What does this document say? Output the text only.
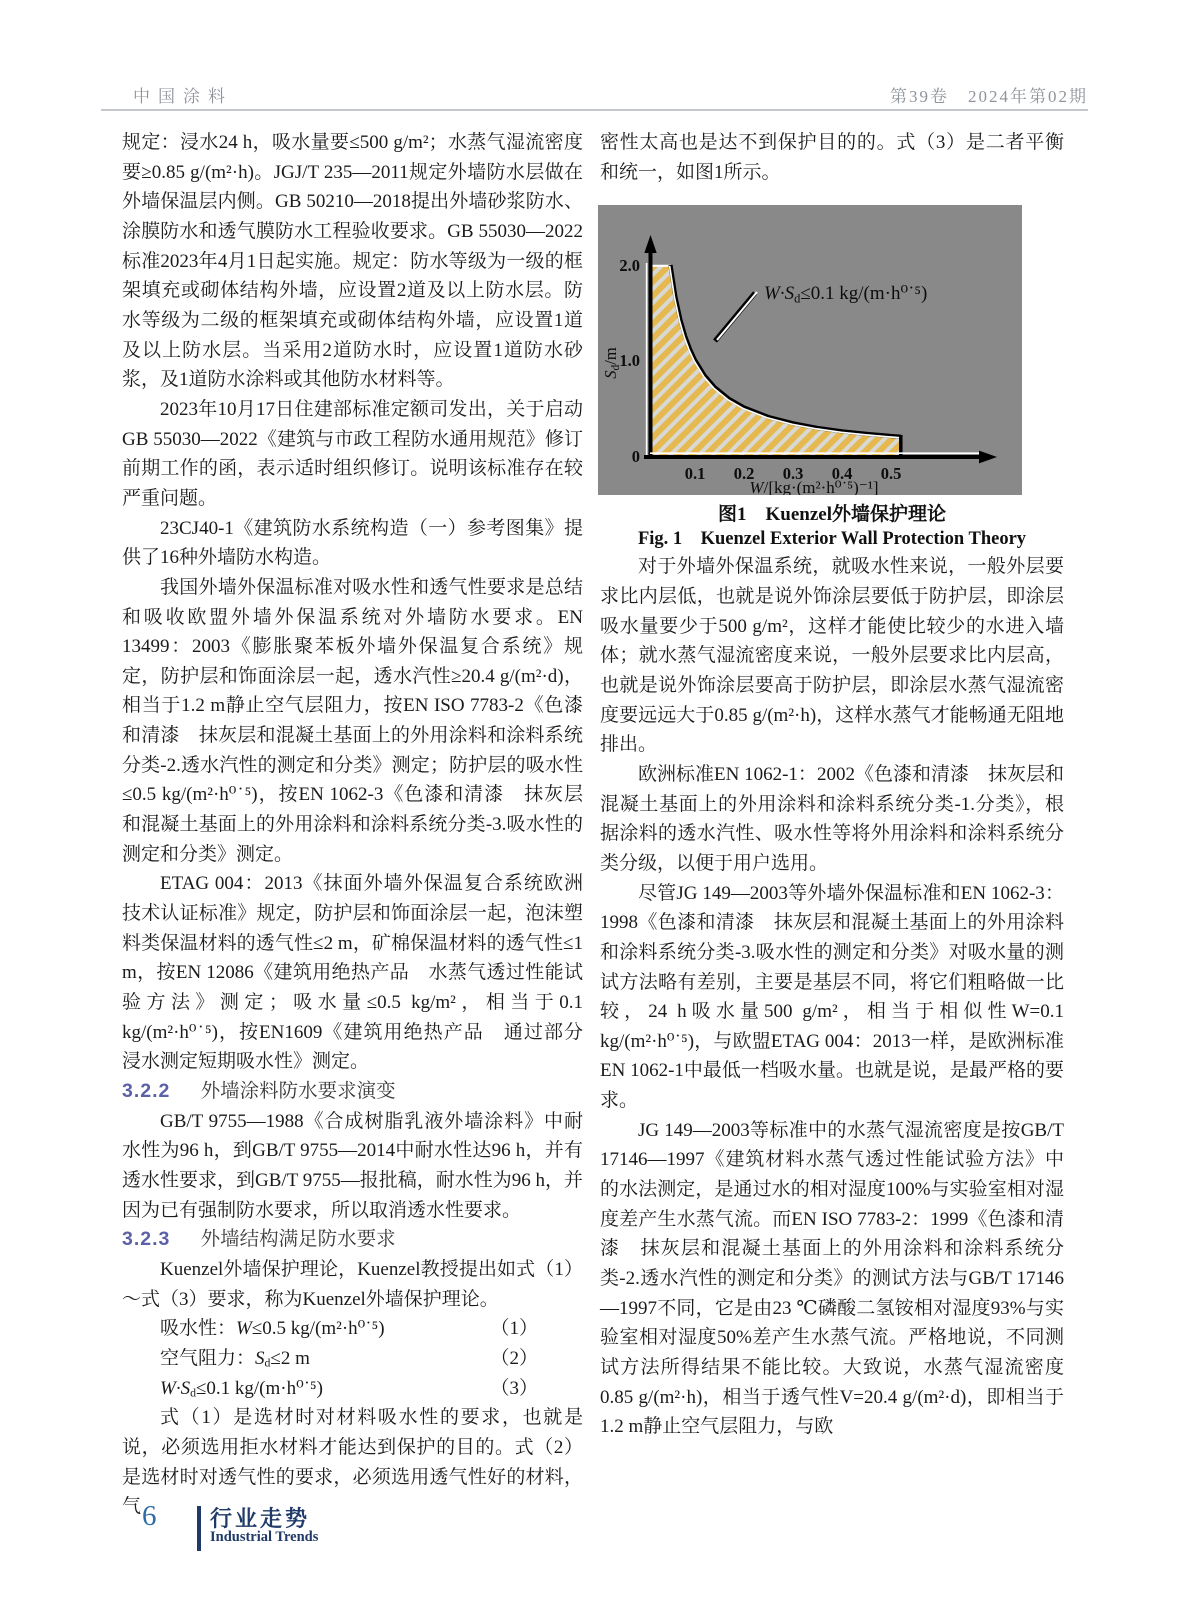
中国涂料	第39卷　2024年第02期

规定：浸水24 h，吸水量要≤500 g/m²；水蒸气湿流密度要≥0.85 g/(m²·h)。JGJ/T 235—2011规定外墙防水层做在外墙保温层内侧。GB 50210—2018提出外墙砂浆防水、涂膜防水和透气膜防水工程验收要求。GB 55030—2022标准2023年4月1日起实施。规定：防水等级为一级的框架填充或砌体结构外墙，应设置2道及以上防水层。防水等级为二级的框架填充或砌体结构外墙，应设置1道及以上防水层。当采用2道防水时，应设置1道防水砂浆，及1道防水涂料或其他防水材料等。

2023年10月17日住建部标准定额司发出，关于启动GB 55030—2022《建筑与市政工程防水通用规范》修订前期工作的函，表示适时组织修订。说明该标准存在较严重问题。

23CJ40-1《建筑防水系统构造（一）参考图集》提供了16种外墙防水构造。

我国外墙外保温标准对吸水性和透气性要求是总结和吸收欧盟外墙外保温系统对外墙防水要求。EN 13499：2003《膨胀聚苯板外墙外保温复合系统》规定，防护层和饰面涂层一起，透水汽性≥20.4 g/(m²·d)，相当于1.2 m静止空气层阻力，按EN ISO 7783-2《色漆和清漆　抹灰层和混凝土基面上的外用涂料和涂料系统分类-2.透水汽性的测定和分类》测定；防护层的吸水性≤0.5 kg/(m²·h⁰˙⁵)，按EN 1062-3《色漆和清漆　抹灰层和混凝土基面上的外用涂料和涂料系统分类-3.吸水性的测定和分类》测定。

ETAG 004：2013《抹面外墙外保温复合系统欧洲技术认证标准》规定，防护层和饰面涂层一起，泡沫塑料类保温材料的透气性≤2 m，矿棉保温材料的透气性≤1 m，按EN 12086《建筑用绝热产品　水蒸气透过性能试验方法》测定；吸水量≤0.5 kg/m²，相当于0.1 kg/(m²·h⁰˙⁵)，按EN1609《建筑用绝热产品　通过部分浸水测定短期吸水性》测定。

3.2.2 外墙涂料防水要求演变

GB/T 9755—1988《合成树脂乳液外墙涂料》中耐水性为96 h，到GB/T 9755—2014中耐水性达96 h，并有透水性要求，到GB/T 9755—报批稿，耐水性为96 h，并因为已有强制防水要求，所以取消透水性要求。

3.2.3 外墙结构满足防水要求

Kuenzel外墙保护理论，Kuenzel教授提出如式（1）～式（3）要求，称为Kuenzel外墙保护理论。

吸水性：W≤0.5 kg/(m²·h⁰˙⁵)	（1）
空气阻力：$S_d\le 2$ m	（2）
$W\cdot S_d\le 0.1$ kg/(m·h⁰˙⁵)	（3）

式（1）是选材时对材料吸水性的要求，也就是说，必须选用拒水材料才能达到保护的目的。式（2）是选材时对透气性的要求，必须选用透气性好的材料，气

密性太高也是达不到保护目的的。式（3）是二者平衡和统一，如图1所示。

W·Sd≤0.1 kg/(m·h⁰˙⁵)
2.0
1.0
0
0.1 0.2 0.3 0.4 0.5
Sd/m
W/[kg·(m²·h⁰˙⁵)⁻¹]
图1　Kuenzel外墙保护理论
Fig. 1　Kuenzel Exterior Wall Protection Theory

对于外墙外保温系统，就吸水性来说，一般外层要求比内层低，也就是说外饰涂层要低于防护层，即涂层吸水量要少于500 g/m²，这样才能使比较少的水进入墙体；就水蒸气湿流密度来说，一般外层要求比内层高，也就是说外饰涂层要高于防护层，即涂层水蒸气湿流密度要远远大于0.85 g/(m²·h)，这样水蒸气才能畅通无阻地排出。

欧洲标准EN 1062-1：2002《色漆和清漆　抹灰层和混凝土基面上的外用涂料和涂料系统分类-1.分类》，根据涂料的透水汽性、吸水性等将外用涂料和涂料系统分类分级，以便于用户选用。

尽管JG 149—2003等外墙外保温标准和EN 1062-3：1998《色漆和清漆　抹灰层和混凝土基面上的外用涂料和涂料系统分类-3.吸水性的测定和分类》对吸水量的测试方法略有差别，主要是基层不同，将它们粗略做一比较，24 h吸水量500 g/m²，相当于相似性W=0.1 kg/(m²·h⁰˙⁵)，与欧盟ETAG 004：2013一样，是欧洲标准EN 1062-1中最低一档吸水量。也就是说，是最严格的要求。

JG 149—2003等标准中的水蒸气湿流密度是按GB/T 17146—1997《建筑材料水蒸气透过性能试验方法》中的水法测定，是通过水的相对湿度100%与实验室相对湿度差产生水蒸气流。而EN ISO 7783-2：1999《色漆和清漆　抹灰层和混凝土基面上的外用涂料和涂料系统分类-2.透水汽性的测定和分类》的测试方法与GB/T 17146—1997不同，它是由23 ℃磷酸二氢铵相对湿度93%与实验室相对湿度50%差产生水蒸气流。严格地说，不同测试方法所得结果不能比较。大致说，水蒸气湿流密度0.85 g/(m²·h)，相当于透气性V=20.4 g/(m²·d)，即相当于1.2 m静止空气层阻力，与欧

6 行业走势
Industrial Trends
